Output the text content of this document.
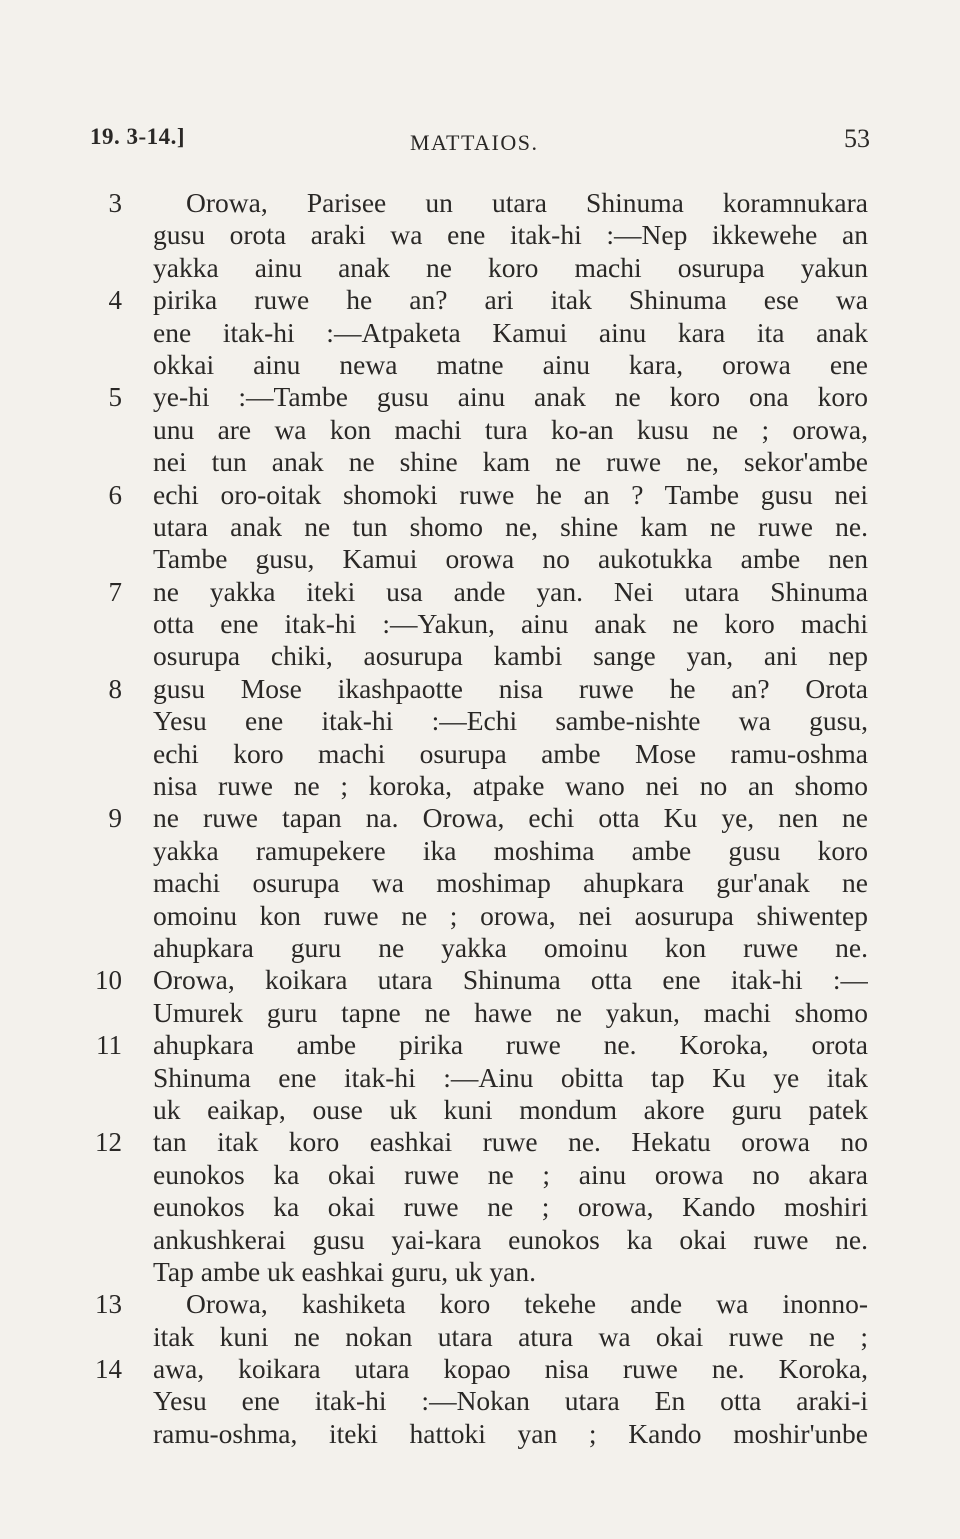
19. 3-14.]	MATTAIOS.	53
3 Orowa, Parisee un utara Shinuma koramnukara
gusu orota araki wa ene itak-hi :—Nep ikkewehe an
yakka ainu anak ne koro machi osurupa yakun
4 pirika ruwe he an? ari itak Shinuma ese wa
ene itak-hi :—Atpaketa Kamui ainu kara ita anak
okkai ainu newa matne ainu kara, orowa ene
5 ye-hi :—Tambe gusu ainu anak ne koro ona koro
unu are wa kon machi tura ko-an kusu ne ; orowa,
nei tun anak ne shine kam ne ruwe ne, sekor'ambe
6 echi oro-oitak shomoki ruwe he an ? Tambe gusu nei
utara anak ne tun shomo ne, shine kam ne ruwe ne.
Tambe gusu, Kamui orowa no aukotukka ambe nen
7 ne yakka iteki usa ande yan. Nei utara Shinuma
otta ene itak-hi :—Yakun, ainu anak ne koro machi
osurupa chiki, aosurupa kambi sange yan, ani nep
8 gusu Mose ikashpaotte nisa ruwe he an? Orota
Yesu ene itak-hi :—Echi sambe-nishte wa gusu,
echi koro machi osurupa ambe Mose ramu-oshma
nisa ruwe ne ; koroka, atpake wano nei no an shomo
9 ne ruwe tapan na. Orowa, echi otta Ku ye, nen ne
yakka ramupekere ika moshima ambe gusu koro
machi osurupa wa moshimap ahupkara gur'anak ne
omoinu kon ruwe ne ; orowa, nei aosurupa shiwentep
ahupkara guru ne yakka omoinu kon ruwe ne.
10 Orowa, koikara utara Shinuma otta ene itak-hi :—
Umurek guru tapne ne hawe ne yakun, machi shomo
11 ahupkara ambe pirika ruwe ne. Koroka, orota
Shinuma ene itak-hi :—Ainu obitta tap Ku ye itak
uk eaikap, ouse uk kuni mondum akore guru patek
12 tan itak koro eashkai ruwe ne. Hekatu orowa no
eunokos ka okai ruwe ne ; ainu orowa no akara
eunokos ka okai ruwe ne ; orowa, Kando moshiri
ankushkerai gusu yai-kara eunokos ka okai ruwe ne.
Tap ambe uk eashkai guru, uk yan.
13 Orowa, kashiketa koro tekehe ande wa inonno-
itak kuni ne nokan utara atura wa okai ruwe ne ;
14 awa, koikara utara kopao nisa ruwe ne. Koroka,
Yesu ene itak-hi :—Nokan utara En otta araki-i
ramu-oshma, iteki hattoki yan ; Kando moshir'unbe
